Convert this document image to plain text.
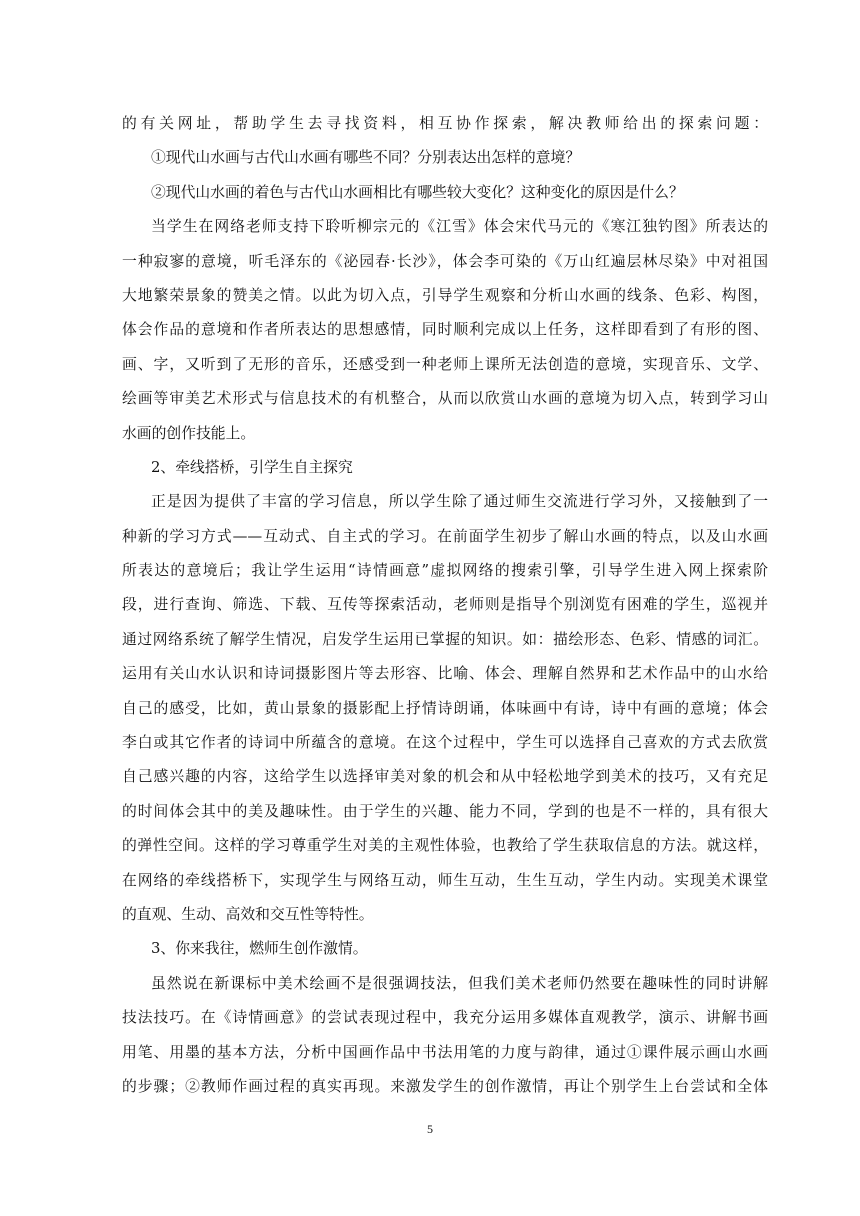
的有关网址，帮助学生去寻找资料，相互协作探索，解决教师给出的探索问题：
①现代山水画与古代山水画有哪些不同？分别表达出怎样的意境？
②现代山水画的着色与古代山水画相比有哪些较大变化？这种变化的原因是什么？
当学生在网络老师支持下聆听柳宗元的《江雪》体会宋代马元的《寒江独钓图》所表达的
一种寂寥的意境，听毛泽东的《泌园春·长沙》，体会李可染的《万山红遍层林尽染》中对祖国
大地繁荣景象的赞美之情。以此为切入点，引导学生观察和分析山水画的线条、色彩、构图，
体会作品的意境和作者所表达的思想感情，同时顺利完成以上任务，这样即看到了有形的图、
画、字，又听到了无形的音乐，还感受到一种老师上课所无法创造的意境，实现音乐、文学、
绘画等审美艺术形式与信息技术的有机整合，从而以欣赏山水画的意境为切入点，转到学习山
水画的创作技能上。
2、牵线搭桥，引学生自主探究
正是因为提供了丰富的学习信息，所以学生除了通过师生交流进行学习外，又接触到了一
种新的学习方式——互动式、自主式的学习。在前面学生初步了解山水画的特点，以及山水画
所表达的意境后；我让学生运用“诗情画意”虚拟网络的搜索引擎，引导学生进入网上探索阶
段，进行查询、筛选、下载、互传等探索活动，老师则是指导个别浏览有困难的学生，巡视并
通过网络系统了解学生情况，启发学生运用已掌握的知识。如：描绘形态、色彩、情感的词汇。
运用有关山水认识和诗词摄影图片等去形容、比喻、体会、理解自然界和艺术作品中的山水给
自己的感受，比如，黄山景象的摄影配上抒情诗朗诵，体味画中有诗，诗中有画的意境；体会
李白或其它作者的诗词中所蕴含的意境。在这个过程中，学生可以选择自己喜欢的方式去欣赏
自己感兴趣的内容，这给学生以选择审美对象的机会和从中轻松地学到美术的技巧，又有充足
的时间体会其中的美及趣味性。由于学生的兴趣、能力不同，学到的也是不一样的，具有很大
的弹性空间。这样的学习尊重学生对美的主观性体验，也教给了学生获取信息的方法。就这样，
在网络的牵线搭桥下，实现学生与网络互动，师生互动，生生互动，学生内动。实现美术课堂
的直观、生动、高效和交互性等特性。
3、你来我往，燃师生创作激情。
虽然说在新课标中美术绘画不是很强调技法，但我们美术老师仍然要在趣味性的同时讲解
技法技巧。在《诗情画意》的尝试表现过程中，我充分运用多媒体直观教学，演示、讲解书画
用笔、用墨的基本方法，分析中国画作品中书法用笔的力度与韵律，通过①课件展示画山水画
的步骤；②教师作画过程的真实再现。来激发学生的创作激情，再让个别学生上台尝试和全体
5
